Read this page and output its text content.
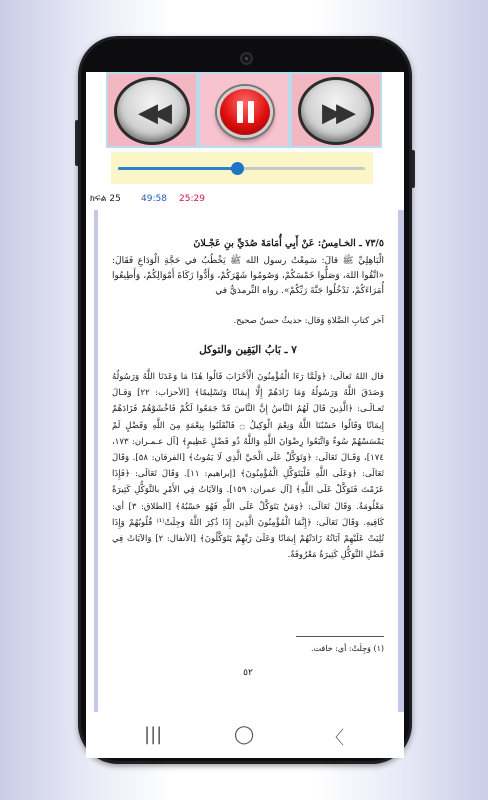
◀◀	▶▶
ክፍል 25 49:58 25:29
٧٣/٥ ـ الخـامِسُ: عَنْ أَبِي أُمَامَةَ صُدَيِّ بنِ عَجْـلانَ
الْبَاهِلِيِّ ﷺ قالَ: سَمِعْتُ رسول الله ﷺ يَخْطُبُ في حَجَّةِ الْوَدَاعِ فَقَالَ: «اتَّقُوا اللهَ، وَصَلُّوا خَمْسَكُمْ، وَصُومُوا شَهْرَكُمْ، وَأَدُّوا زَكَاةَ أَمْوَالِكُمْ، وَأَطِيعُوا أُمَرَاءَكُمْ، تَدْخُلُوا جَنَّةَ رَبِّكُمْ». رواه التِّرمذيُّ في
آخر كتابِ الصَّلاةِ وَقال: حديثٌ حسنٌ صحيح.
٧ ـ بَابُ اليَقِين والتوكل
قال اللهُ تَعالَى: ﴿وَلَمَّا رَءَا الْمُؤْمِنُونَ الْأَحْزَابَ قَالُوا هَٰذَا مَا وَعَدَنَا اللَّهُ وَرَسُولُهُ وَصَدَقَ اللَّهُ وَرَسُولُهُ وَمَا زَادَهُمْ إِلَّا إِيمَانًا وَتَسْلِيمًا﴾ [الأحزاب: ٢٢] وَقـالَ تَعـالَـى: ﴿الَّذِينَ قَالَ لَهُمُ النَّاسُ إِنَّ النَّاسَ قَدْ جَمَعُوا لَكُمْ فَاخْشَوْهُمْ فَزَادَهُمْ إِيمَانًا وَقَالُوا حَسْبُنَا اللَّهُ وَنِعْمَ الْوَكِيلُ ۝ فَانْقَلَبُوا بِنِعْمَةٍ مِنَ اللَّهِ وَفَضْلٍ لَمْ يَمْسَسْهُمْ سُوءٌ وَاتَّبَعُوا رِضْوَانَ اللَّهِ وَاللَّهُ ذُو فَضْلٍ عَظِيمٍ﴾ [آل عـمـران: ١٧٣، ١٧٤]، وَقَـالَ تَعَالَى: ﴿وَتَوَكَّلْ عَلَى الْحَيِّ الَّذِي لَا يَمُوتُ﴾ [الفرقان: ٥٨]. وَقَالَ تَعَالَى: ﴿وَعَلَى اللَّهِ فَلْيَتَوَكَّلِ الْمُؤْمِنُونَ﴾ [إبراهيم: ١١]. وَقَالَ تَعَالَى: ﴿فَإِذَا عَزَمْتَ فَتَوَكَّلْ عَلَى اللَّهِ﴾ [آل عمران: ١٥٩]. وَالآيَاتُ فِي الأَمْرِ بالتَّوَكُّلِ كَثِيرَةٌ مَعْلُومَةٌ. وَقَالَ تَعَالَى: ﴿وَمَنْ يَتَوَكَّلْ عَلَى اللَّهِ فَهُوَ حَسْبُهُ﴾ [الطلاق: ٣] أي: كَافِيهِ. وَقَالَ تَعَالَى: ﴿إِنَّمَا الْمُؤْمِنُونَ الَّذِينَ إِذَا ذُكِرَ اللَّهُ وَجِلَتْ⁽¹⁾ قُلُوبُهُمْ وَإِذَا تُلِيَتْ عَلَيْهِمْ آيَاتُهُ زَادَتْهُمْ إِيمَانًا وَعَلَىٰ رَبِّهِمْ يَتَوَكَّلُونَ﴾ [الأنفال: ٢] وَالآيَاتُ فِي فَضْلِ التَّوَكُّلِ كَثِيرَةٌ مَعْرُوفَةٌ.
(١) وَجِلَتْ: أي: خافت.
٥٢
|||	◯	〈
